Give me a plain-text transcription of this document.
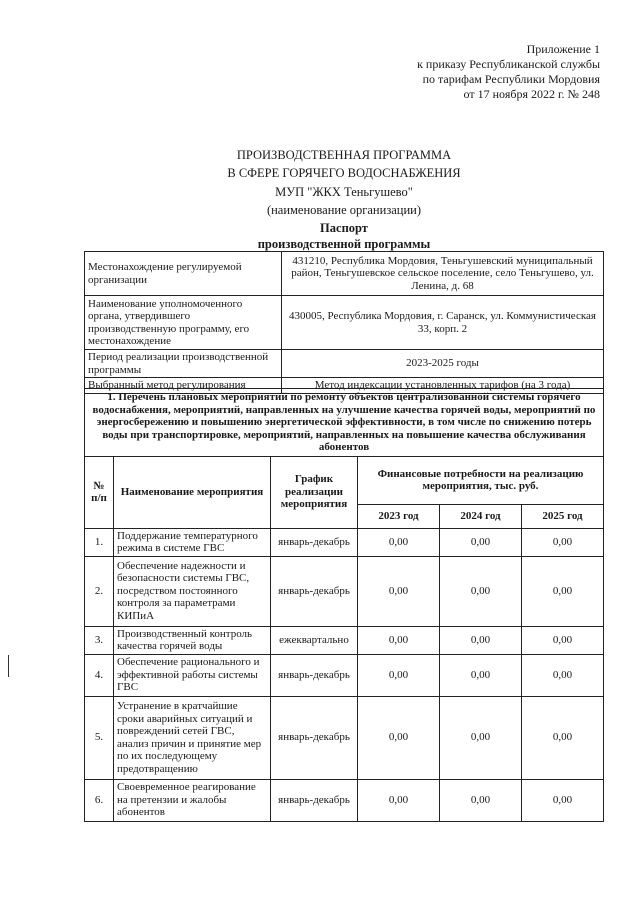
Приложение 1
к приказу Республиканской службы
по тарифам Республики Мордовия
от 17 ноября 2022 г. № 248
ПРОИЗВОДСТВЕННАЯ ПРОГРАММА
В СФЕРЕ ГОРЯЧЕГО ВОДОСНАБЖЕНИЯ
МУП "ЖКХ Теньгушево"
(наименование организации)
Паспорт
производственной программы
Местонахождение регулируемой организации	431210, Республика Мордовия, Теньгушевский муниципальный район, Теньгушевское сельское поселение, село Теньгушево, ул. Ленина, д. 68
Наименование уполномоченного органа, утвердившего производственную программу, его местонахождение	430005, Республика Мордовия, г. Саранск, ул. Коммунистическая 33, корп. 2
Период реализации производственной программы	2023-2025 годы
Выбранный метод регулирования	Метод индексации установленных тарифов (на 3 года)
1. Перечень плановых мероприятий по ремонту объектов централизованной системы горячего водоснабжения, мероприятий, направленных на улучшение качества горячей воды, мероприятий по энергосбережению и повышению энергетической эффективности, в том числе по снижению потерь воды при транспортировке, мероприятий, направленных на повышение качества обслуживания абонентов					
№ п/п	Наименование мероприятия	График реализации мероприятия	Финансовые потребности на реализацию мероприятия, тыс. руб.		
			2023 год	2024 год	2025 год
1.	Поддержание температурного режима в системе ГВС	январь-декабрь	0,00	0,00	0,00
2.	Обеспечение надежности и безопасности системы ГВС, посредством постоянного контроля за параметрами КИПиА	январь-декабрь	0,00	0,00	0,00
3.	Производственный контроль качества горячей воды	ежеквартально	0,00	0,00	0,00
4.	Обеспечение рационального и эффективной работы системы ГВС	январь-декабрь	0,00	0,00	0,00
5.	Устранение в кратчайшие сроки аварийных ситуаций и повреждений сетей ГВС, анализ причин и принятие мер по их последующему предотвращению	январь-декабрь	0,00	0,00	0,00
6.	Своевременное реагирование на претензии и жалобы абонентов	январь-декабрь	0,00	0,00	0,00
